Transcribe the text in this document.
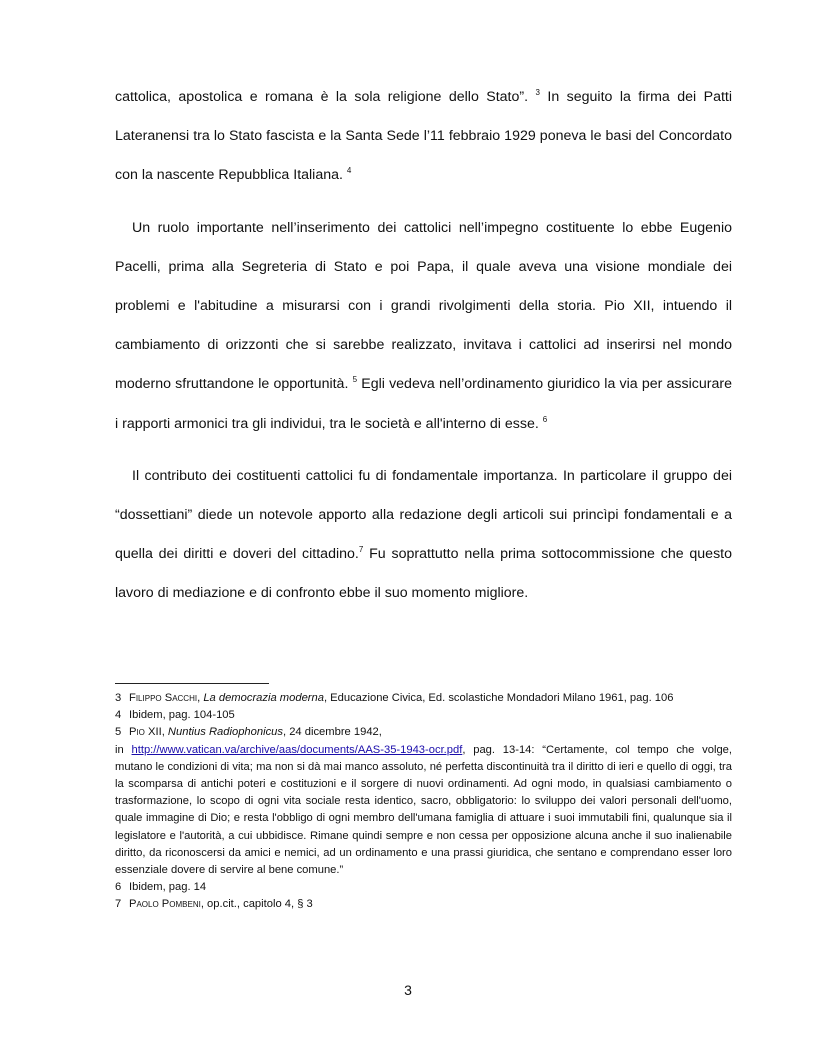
cattolica, apostolica e romana è la sola religione dello Stato”. $^3$ In seguito la firma dei Patti Lateranensi tra lo Stato fascista e la Santa Sede l’11 febbraio 1929 poneva le basi del Concordato con la nascente Repubblica Italiana. $^4$

Un ruolo importante nell’inserimento dei cattolici nell’impegno costituente lo ebbe Eugenio Pacelli, prima alla Segreteria di Stato e poi Papa, il quale aveva una visione mondiale dei problemi e l'abitudine a misurarsi con i grandi rivolgimenti della storia. Pio XII, intuendo il cambiamento di orizzonti che si sarebbe realizzato, invitava i cattolici ad inserirsi nel mondo moderno sfruttandone le opportunità. $^5$ Egli vedeva nell’ordinamento giuridico la via per assicurare i rapporti armonici tra gli individui, tra le società e all'interno di esse. $^6$

Il contributo dei costituenti cattolici fu di fondamentale importanza. In particolare il gruppo dei “dossettiani” diede un notevole apporto alla redazione degli articoli sui princìpi fondamentali e a quella dei diritti e doveri del cittadino.$^7$ Fu soprattutto nella prima sottocommissione che questo lavoro di mediazione e di confronto ebbe il suo momento migliore.

3 Filippo Sacchi, La democrazia moderna, Educazione Civica, Ed. scolastiche Mondadori Milano 1961, pag. 106

4 Ibidem, pag. 104-105

5 Pio XII, Nuntius Radiophonicus, 24 dicembre 1942,

in http://www.vatican.va/archive/aas/documents/AAS-35-1943-ocr.pdf, pag. 13-14: “Certamente, col tempo che volge, mutano le condizioni di vita; ma non si dà mai manco assoluto, né perfetta discontinuità tra il diritto di ieri e quello di oggi, tra la scomparsa di antichi poteri e costituzioni e il sorgere di nuovi ordinamenti. Ad ogni modo, in qualsiasi cambiamento o trasformazione, lo scopo di ogni vita sociale resta identico, sacro, obbligatorio: lo sviluppo dei valori personali dell'uomo, quale immagine di Dio; e resta l'obbligo di ogni membro dell'umana famiglia di attuare i suoi immutabili fini, qualunque sia il legislatore e l'autorità, a cui ubbidisce. Rimane quindi sempre e non cessa per opposizione alcuna anche il suo inalienabile diritto, da riconoscersi da amici e nemici, ad un ordinamento e una prassi giuridica, che sentano e comprendano esser loro essenziale dovere di servire al bene comune.”

6 Ibidem, pag. 14

7 Paolo Pombeni, op.cit., capitolo 4, § 3

3
